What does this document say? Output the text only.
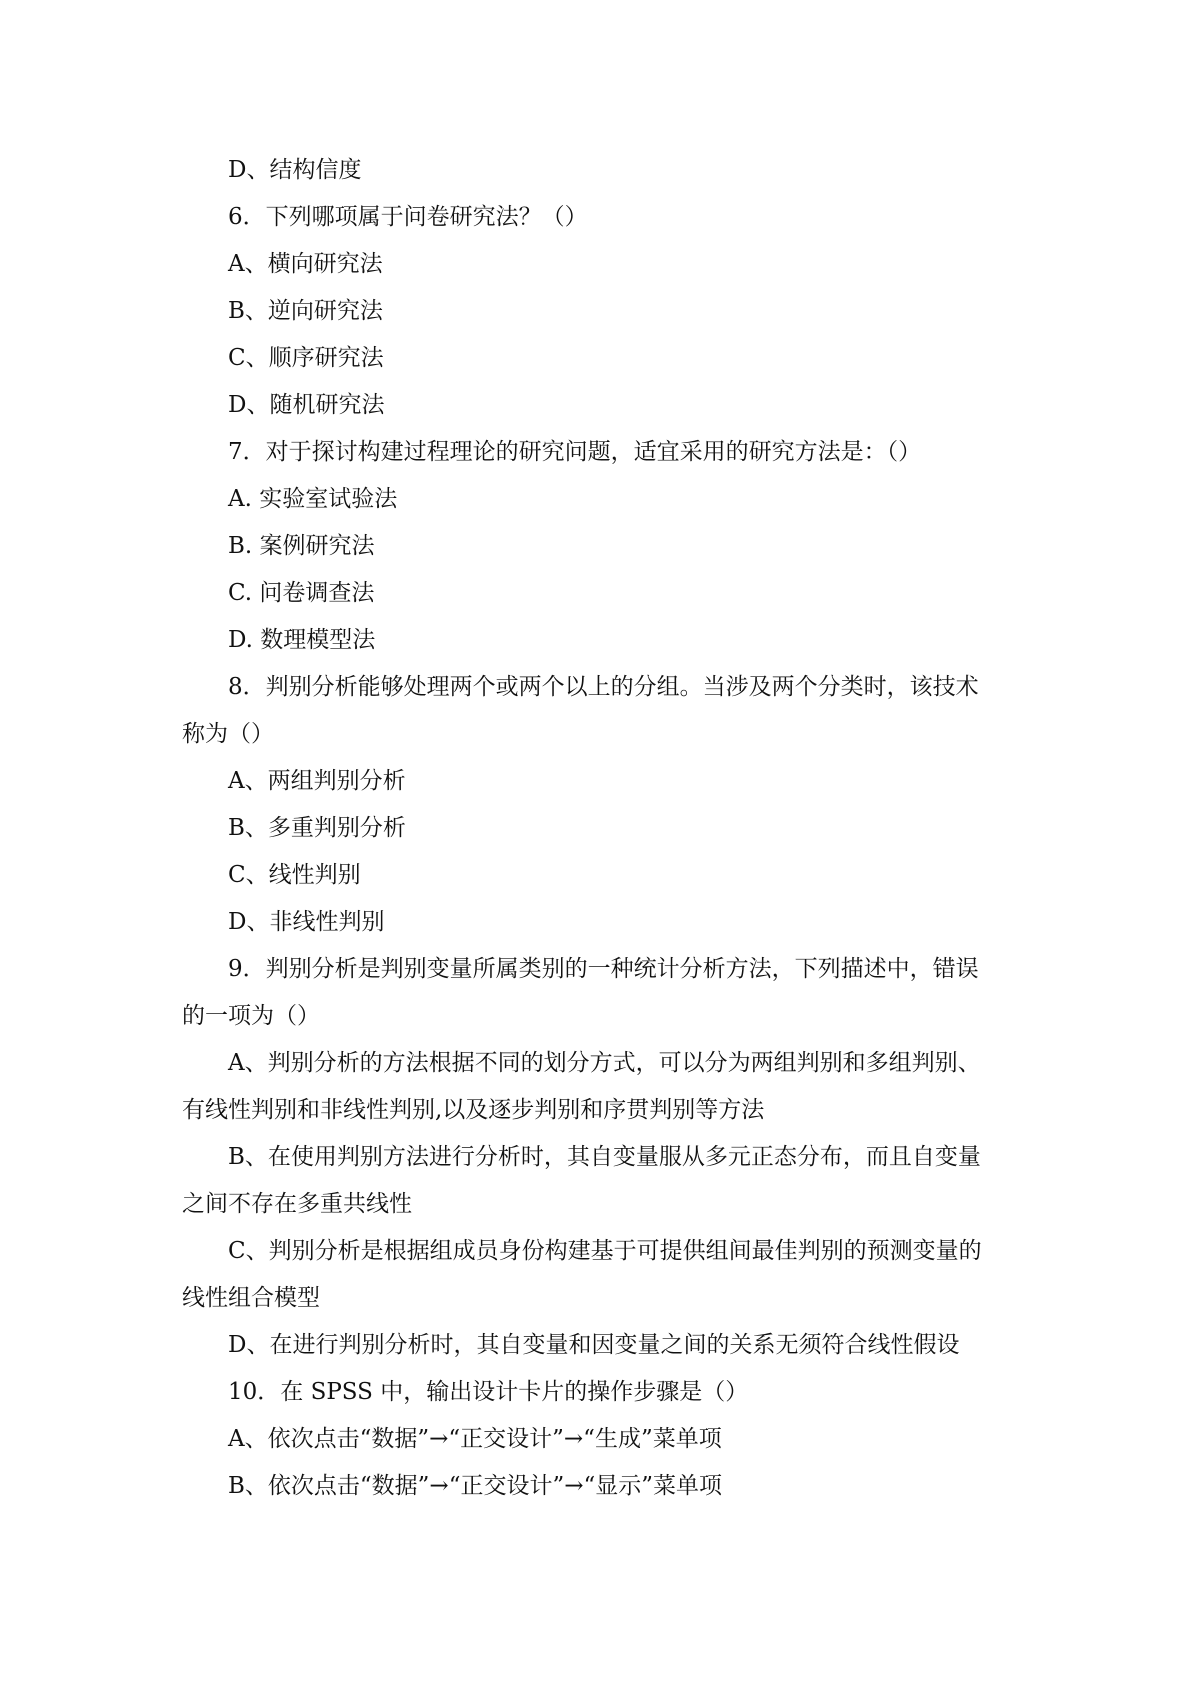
D、结构信度

6．下列哪项属于问卷研究法？（）

A、横向研究法

B、逆向研究法

C、顺序研究法

D、随机研究法

7．对于探讨构建过程理论的研究问题，适宜采用的研究方法是：（）

A. 实验室试验法

B. 案例研究法

C. 问卷调查法

D. 数理模型法

8．判别分析能够处理两个或两个以上的分组。当涉及两个分类时，该技术

称为（）

A、两组判别分析

B、多重判别分析

C、线性判别

D、非线性判别

9．判别分析是判别变量所属类别的一种统计分析方法，下列描述中，错误

的一项为（）

A、判别分析的方法根据不同的划分方式，可以分为两组判别和多组判别、

有线性判别和非线性判别,以及逐步判别和序贯判别等方法

B、在使用判别方法进行分析时，其自变量服从多元正态分布，而且自变量

之间不存在多重共线性

C、判别分析是根据组成员身份构建基于可提供组间最佳判别的预测变量的

线性组合模型

D、在进行判别分析时，其自变量和因变量之间的关系无须符合线性假设

10．在 SPSS 中，输出设计卡片的操作步骤是（）

A、依次点击“数据”→“正交设计”→“生成”菜单项

B、依次点击“数据”→“正交设计”→“显示”菜单项
